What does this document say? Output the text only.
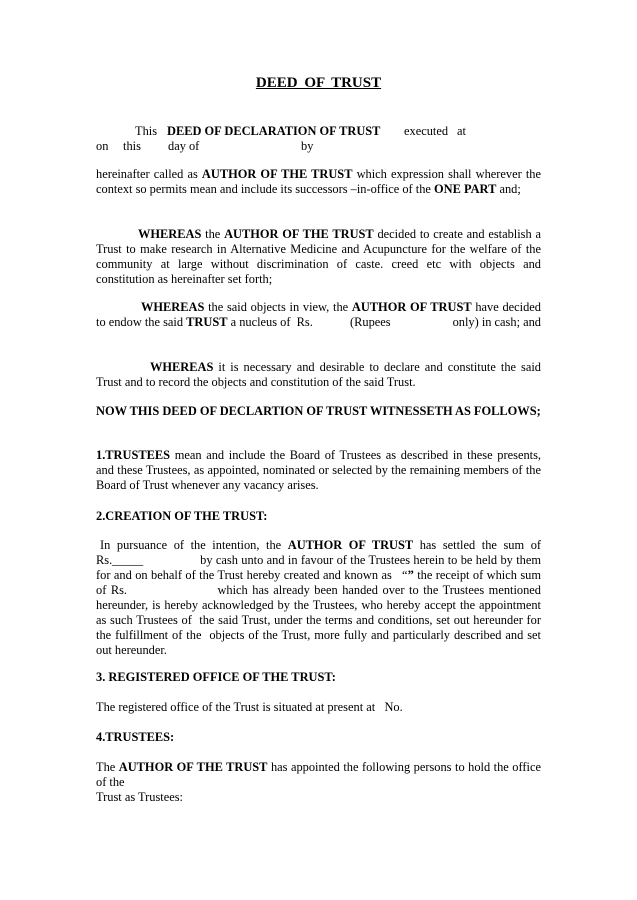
DEED OF TRUST
This DEED OF DECLARATION OF TRUST executed at
on this day of	by

hereinafter called as AUTHOR OF THE TRUST which expression shall wherever the context so permits mean and include its successors –in-office of the ONE PART and;

WHEREAS the AUTHOR OF THE TRUST decided to create and establish a Trust to make research in Alternative Medicine and Acupuncture for the welfare of the community at large without discrimination of caste. creed etc with objects and constitution as hereinafter set forth;

WHEREAS the said objects in view, the AUTHOR OF TRUST have decided to endow the said TRUST a nucleus of  Rs.            (Rupees                    only) in cash; and

WHEREAS it is necessary and desirable to declare and constitute the said Trust and to record the objects and constitution of the said Trust.

NOW THIS DEED OF DECLARTION OF TRUST WITNESSETH AS FOLLOWS;

1.TRUSTEES mean and include the Board of Trustees as described in these presents, and these Trustees, as appointed, nominated or selected by the remaining members of the Board of Trust whenever any vacancy arises.

2.CREATION OF THE TRUST:

In pursuance of the intention, the AUTHOR OF TRUST has settled the sum of Rs._____                 by cash unto and in favour of the Trustees herein to be held by them for and on behalf of the Trust hereby created and known as   “” the receipt of which sum of Rs.                    which has already been handed over to the Trustees mentioned hereunder, is hereby acknowledged by the Trustees, who hereby accept the appointment as such Trustees of  the said Trust, under the terms and conditions, set out hereunder for the fulfillment of the  objects of the Trust, more fully and particularly described and set out hereunder.

3. REGISTERED OFFICE OF THE TRUST:
The registered office of the Trust is situated at present at   No.
4.TRUSTEES:

The AUTHOR OF THE TRUST has appointed the following persons to hold the office of the

Trust as Trustees:
